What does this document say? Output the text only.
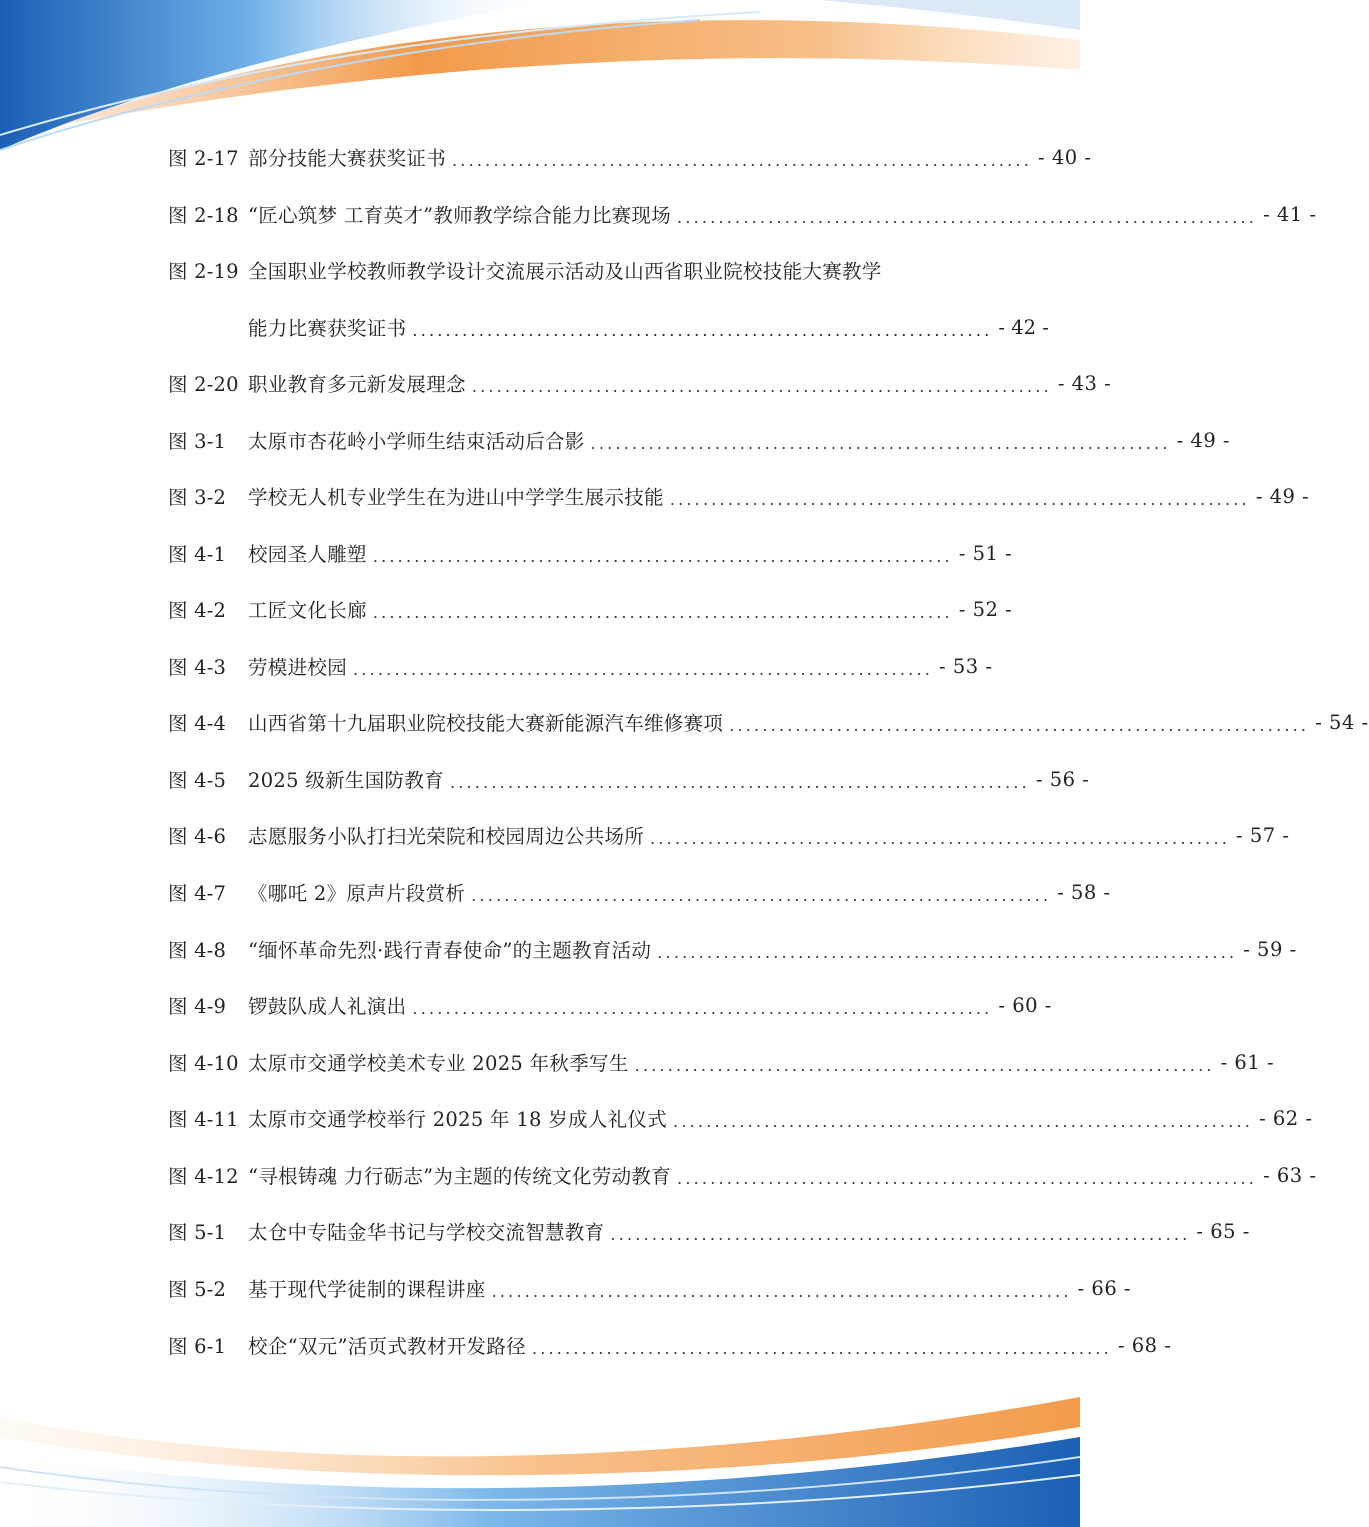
图 2-17 部分技能大赛获奖证书 ...................................................................... - 40 -
图 2-18 “匠心筑梦 工育英才”教师教学综合能力比赛现场 ...................................................................... - 41 -
图 2-19 全国职业学校教师教学设计交流展示活动及山西省职业院校技能大赛教学
能力比赛获奖证书 ...................................................................... - 42 -
图 2-20 职业教育多元新发展理念 ...................................................................... - 43 -
图 3-1	太原市杏花岭小学师生结束活动后合影 ...................................................................... - 49 -
图 3-2	学校无人机专业学生在为进山中学学生展示技能 ...................................................................... - 49 -
图 4-1	校园圣人雕塑 ...................................................................... - 51 -
图 4-2	工匠文化长廊 ...................................................................... - 52 -
图 4-3	劳模进校园 ...................................................................... - 53 -
图 4-4	山西省第十九届职业院校技能大赛新能源汽车维修赛项 ...................................................................... - 54 -
图 4-5	2025 级新生国防教育 ...................................................................... - 56 -
图 4-6	志愿服务小队打扫光荣院和校园周边公共场所 ...................................................................... - 57 -
图 4-7	《哪吒 2》原声片段赏析 ...................................................................... - 58 -
图 4-8	“缅怀革命先烈·践行青春使命”的主题教育活动 ...................................................................... - 59 -
图 4-9	锣鼓队成人礼演出 ...................................................................... - 60 -
图 4-10 太原市交通学校美术专业 2025 年秋季写生 ...................................................................... - 61 -
图 4-11 太原市交通学校举行 2025 年 18 岁成人礼仪式 ...................................................................... - 62 -
图 4-12 “寻根铸魂 力行砺志”为主题的传统文化劳动教育 ...................................................................... - 63 -
图 5-1	太仓中专陆金华书记与学校交流智慧教育 ...................................................................... - 65 -
图 5-2	基于现代学徒制的课程讲座 ...................................................................... - 66 -
图 6-1	校企“双元”活页式教材开发路径 ...................................................................... - 68 -
